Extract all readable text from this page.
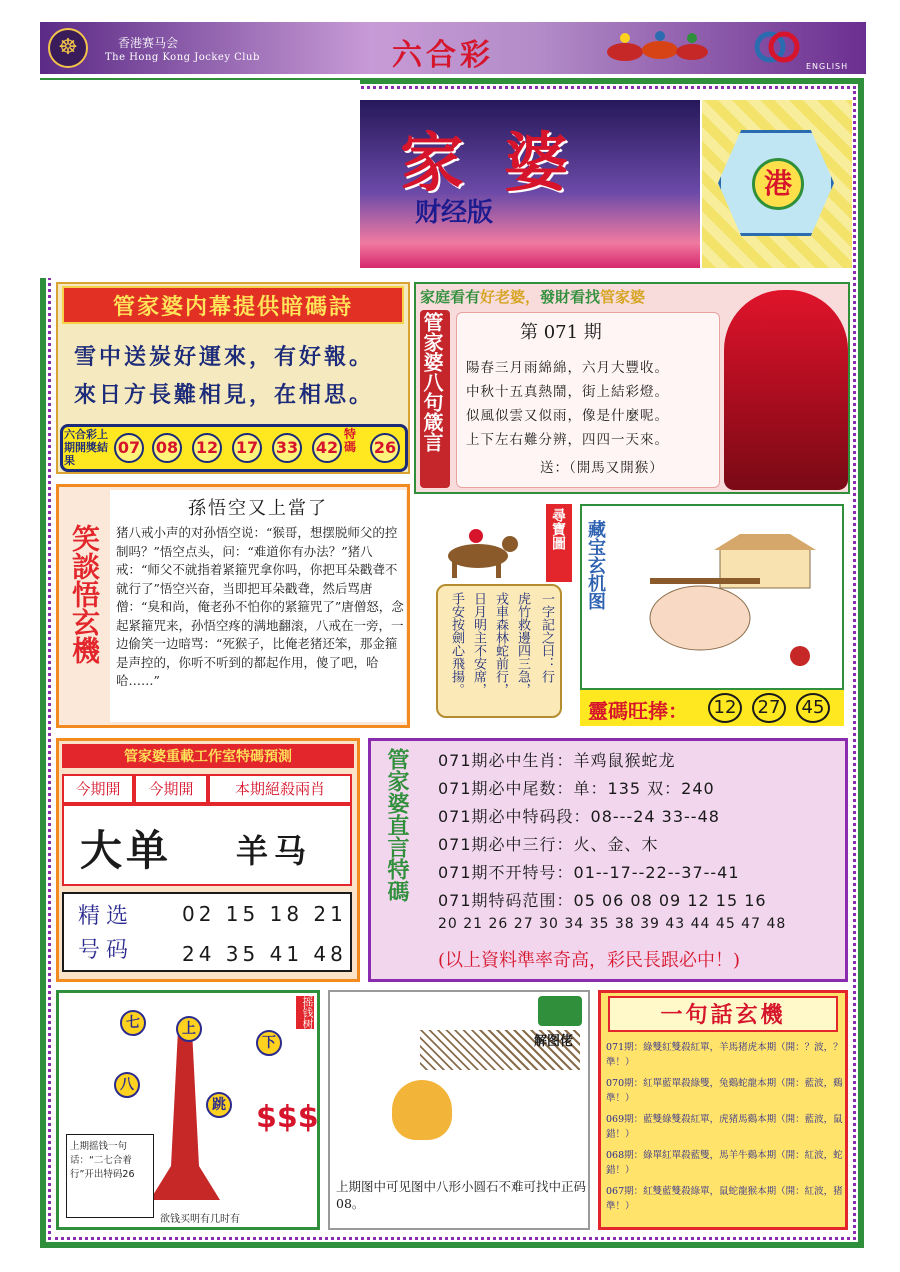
☸	香港赛马会
The Hong Kong Jockey Club	六合彩	ENGLISH
家婆
财经版
港
管家婆内幕提供暗碼詩
雪中送炭好運來，有好報。
來日方長難相見，在相思。
六合彩上期開獎結果
07 08 12 17 33 42
特碼	26
家庭看有好老婆，發財看找管家婆
管家婆八句箴言	第 071 期
陽春三月雨綿綿，六月大豐收。
中秋十五真熱鬧，街上結彩燈。
似風似雲又似雨，像是什麼呢。
上下左右難分辨，四四一天來。
送：（開馬又開猴）
笑談悟玄機
孫悟空又上當了
猪八戒小声的对孙悟空说：“猴哥，想摆脱师父的控制吗？”悟空点头，问：“难道你有办法？”猪八戒：“师父不就指着紧箍咒拿你吗，你把耳朵戳聋不就行了”悟空兴奋，当即把耳朵戳聋，然后骂唐僧：“臭和尚，俺老孙不怕你的紧箍咒了”唐僧怒，念起紧箍咒来，孙悟空疼的满地翻滚，八戒在一旁，一边偷笑一边暗骂：“死猴子，比俺老猪还笨，那金箍是声控的，你听不听到的都起作用，傻了吧，哈哈……”
尋寶圖
一字記之曰：行
虎竹救邊四三急，
戎車森林蛇前行，
日月明主不安席，
手安按劍心飛揚。
藏宝玄机图
靈碼旺捧：	12	27	45
管家婆重載工作室特碼預測
今期開	今期開	本期絕殺兩肖
大单 羊马
精选号码
02 15 18 21
24 35 41 48
管家婆直言特碼 071期必中生肖：羊鸡鼠猴蛇龙
071期必中尾数：单：135 双：240
071期必中特码段：08---24 33--48
071期必中三行：火、金、木
071期不开特号：01--17--22--37--41
071期特码范围：05 06 08 09 12 15 16
20 21 26 27 30 34 35 38 39 43 44 45 47 48
(以上資料準率奇高，彩民長跟必中！)
七	上
下
八
跳
摇钱树
$$$
上期摇钱一句话：“二七合着行”开出特码26
欲钱买明有几时有
解图佬
上期图中可见图中八形小圆石不难可找中正码08。
一句話玄機
071期：綠雙紅雙殺紅單，羊馬猪虎本期（開：？波，？準！）
070期：紅單藍單殺綠雙，兔鷄蛇龍本期（開：藍波，鷄準！）
069期：藍雙綠雙殺紅單，虎猪馬鷄本期（開：藍波，鼠錯！）
068期：綠單紅單殺藍雙，馬羊牛鷄本期（開：紅波，蛇錯！）
067期：紅雙藍雙殺綠單，鼠蛇龍猴本期（開：紅波，猪準！）
